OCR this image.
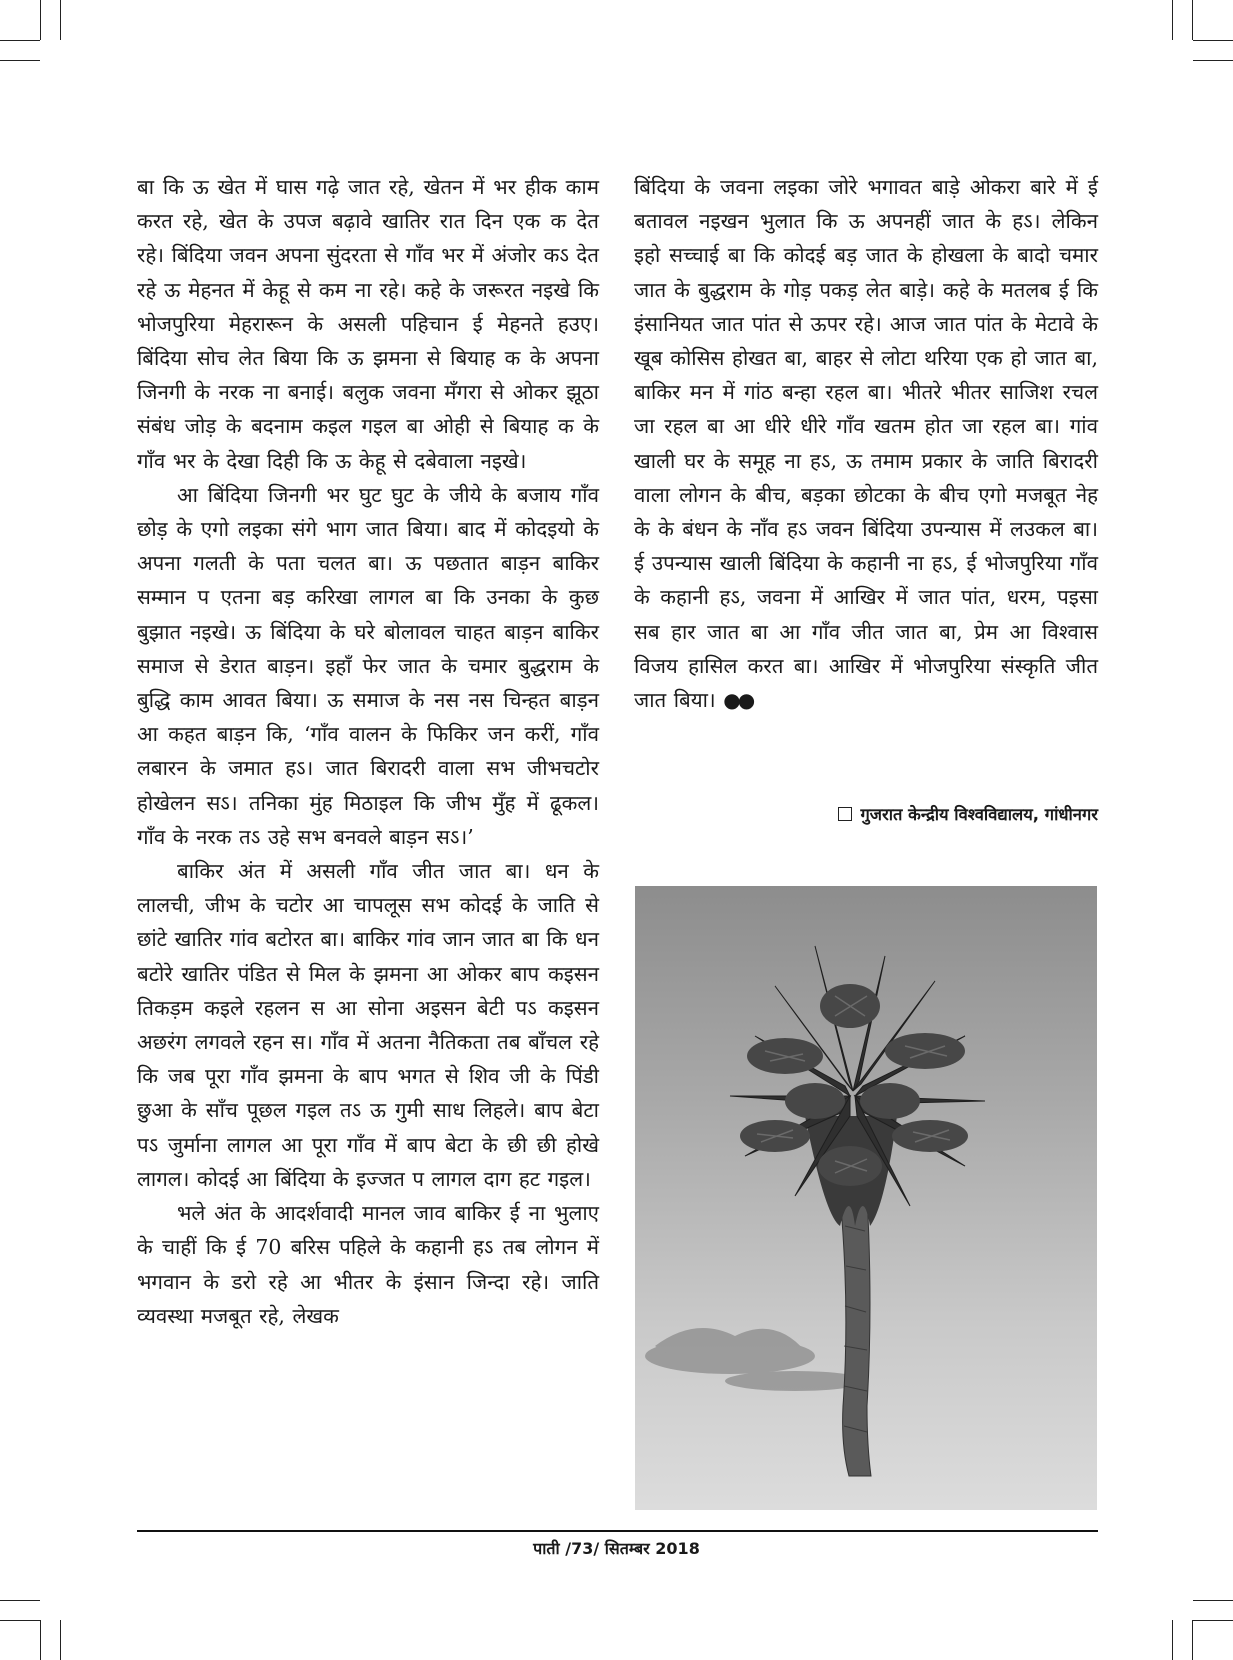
बा कि ऊ खेत में घास गढ़े जात रहे, खेतन में भर हीक काम करत रहे, खेत के उपज बढ़ावे खातिर रात दिन एक क देत रहे। बिंदिया जवन अपना सुंदरता से गाँव भर में अंजोर कऽ देत रहे ऊ मेहनत में केहू से कम ना रहे। कहे के जरूरत नइखे कि भोजपुरिया मेहरारून के असली पहिचान ई मेहनते हउए। बिंदिया सोच लेत बिया कि ऊ झमना से बियाह क के अपना जिनगी के नरक ना बनाई। बलुक जवना मँगरा से ओकर झूठा संबंध जोड़ के बदनाम कइल गइल बा ओही से बियाह क के गाँव भर के देखा दिही कि ऊ केहू से दबेवाला नइखे।

आ बिंदिया जिनगी भर घुट घुट के जीये के बजाय गाँव छोड़ के एगो लइका संगे भाग जात बिया। बाद में कोदइयो के अपना गलती के पता चलत बा। ऊ पछतात बाड़न बाकिर सम्मान प एतना बड़ करिखा लागल बा कि उनका के कुछ बुझात नइखे। ऊ बिंदिया के घरे बोलावल चाहत बाड़न बाकिर समाज से डेरात बाड़न। इहाँ फेर जात के चमार बुद्धराम के बुद्धि काम आवत बिया। ऊ समाज के नस नस चिन्हत बाड़न आ कहत बाड़न कि, ‘गाँव वालन के फिकिर जन करीं, गाँव लबारन के जमात हऽ। जात बिरादरी वाला सभ जीभचटोर होखेलन सऽ। तनिका मुंह मिठाइल कि जीभ मुँह में ढूकल। गाँव के नरक तऽ उहे सभ बनवले बाड़न सऽ।’

बाकिर अंत में असली गाँव जीत जात बा। धन के लालची, जीभ के चटोर आ चापलूस सभ कोदई के जाति से छांटे खातिर गांव बटोरत बा। बाकिर गांव जान जात बा कि धन बटोरे खातिर पंडित से मिल के झमना आ ओकर बाप कइसन तिकड़म कइले रहलन स आ सोना अइसन बेटी पऽ कइसन अछरंग लगवले रहन स। गाँव में अतना नैतिकता तब बाँचल रहे कि जब पूरा गाँव झमना के बाप भगत से शिव जी के पिंडी छुआ के साँच पूछल गइल तऽ ऊ गुमी साध लिहले। बाप बेटा पऽ जुर्माना लागल आ पूरा गाँव में बाप बेटा के छी छी होखे लागल। कोदई आ बिंदिया के इज्जत प लागल दाग हट गइल।

भले अंत के आदर्शवादी मानल जाव बाकिर ई ना भुलाए के चाहीं कि ई 70 बरिस पहिले के कहानी हऽ तब लोगन में भगवान के डरो रहे आ भीतर के इंसान जिन्दा रहे। जाति व्यवस्था मजबूत रहे, लेखक

बिंदिया के जवना लइका जोरे भगावत बाड़े ओकरा बारे में ई बतावल नइखन भुलात कि ऊ अपनहीं जात के हऽ। लेकिन इहो सच्चाई बा कि कोदई बड़ जात के होखला के बादो चमार जात के बुद्धराम के गोड़ पकड़ लेत बाड़े। कहे के मतलब ई कि इंसानियत जात पांत से ऊपर रहे। आज जात पांत के मेटावे के खूब कोसिस होखत बा, बाहर से लोटा थरिया एक हो जात बा, बाकिर मन में गांठ बन्हा रहल बा। भीतरे भीतर साजिश रचल जा रहल बा आ धीरे धीरे गाँव खतम होत जा रहल बा। गांव खाली घर के समूह ना हऽ, ऊ तमाम प्रकार के जाति बिरादरी वाला लोगन के बीच, बड़का छोटका के बीच एगो मजबूत नेह के के बंधन के नाँव हऽ जवन बिंदिया उपन्यास में लउकल बा। ई उपन्यास खाली बिंदिया के कहानी ना हऽ, ई भोजपुरिया गाँव के कहानी हऽ, जवना में आखिर में जात पांत, धरम, पइसा सब हार जात बा आ गाँव जीत जात बा, प्रेम आ विश्वास विजय हासिल करत बा। आखिर में भोजपुरिया संस्कृति जीत जात बिया। ●●

गुजरात केन्द्रीय विश्वविद्यालय, गांधीनगर
पाती /73/ सितम्बर 2018
